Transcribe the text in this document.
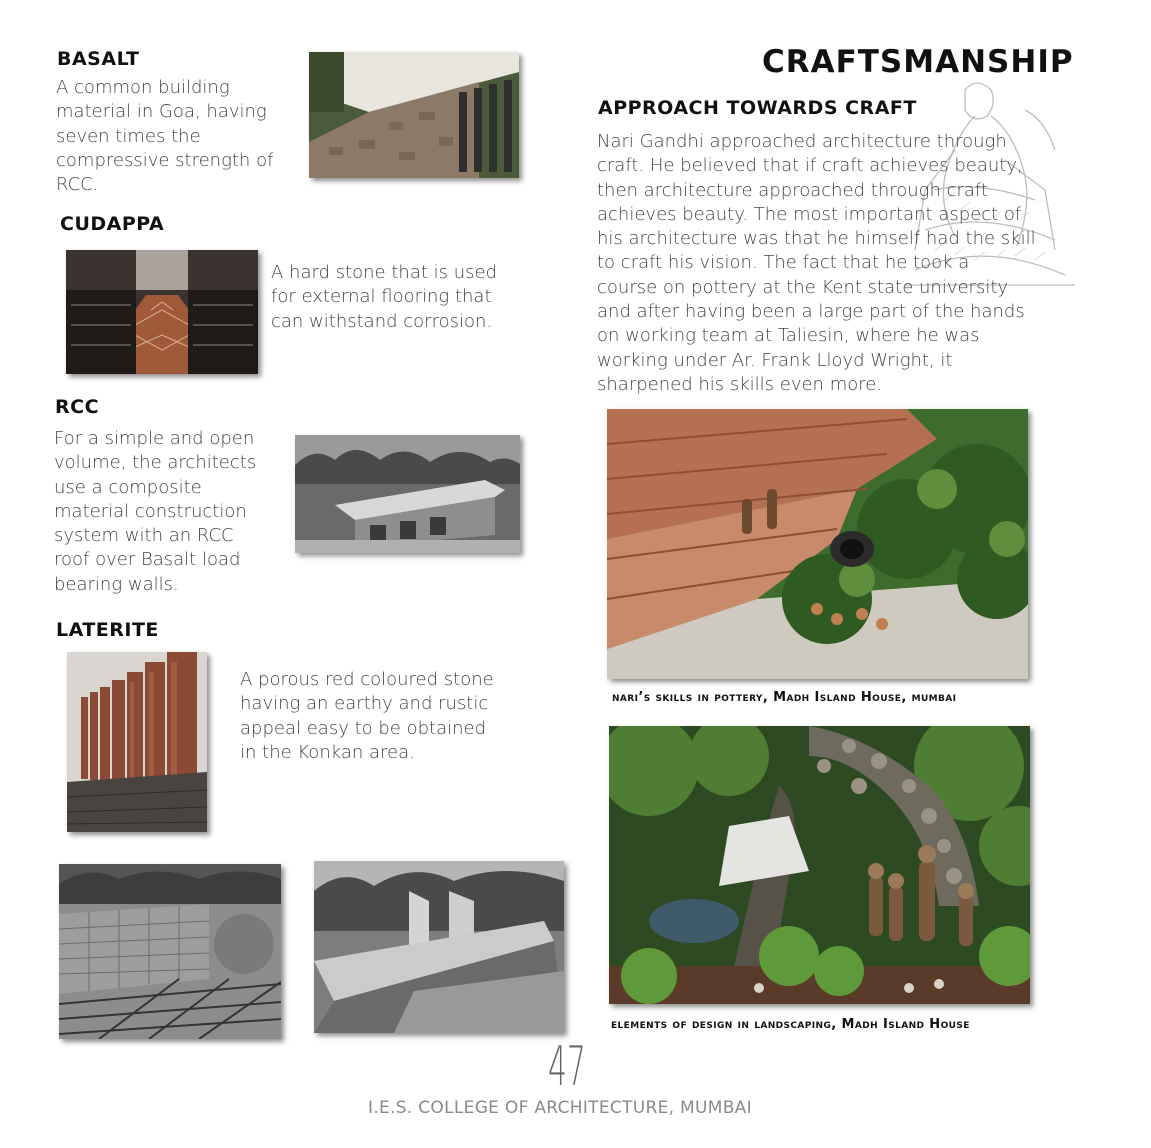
BASALT

A common building

material in Goa, having

seven times the

compressive strength of

RCC.

CUDAPPA

A hard stone that is used

for external flooring that

can withstand corrosion.

RCC

For a simple and open

volume, the architects

use a composite

material construction

system with an RCC

roof over Basalt load

bearing walls.

LATERITE

A porous red coloured stone

having an earthy and rustic

appeal easy to be obtained

in the Konkan area.

CRAFTSMANSHIP
APPROACH TOWARDS CRAFT

Nari Gandhi approached architecture through

craft. He believed that if craft achieves beauty,

then architecture approached through craft

achieves beauty. The most important aspect of

his architecture was that he himself had the skill

to craft his vision. The fact that he took a

course on pottery at the Kent state university

and after having been a large part of the hands

on working team at Taliesin, where he was

working under Ar. Frank Lloyd Wright, it

sharpened his skills even more.

nari’s skills in pottery, Madh Island House, mumbai

elements of design in landscaping, Madh Island House

47

I.E.S. COLLEGE OF ARCHITECTURE, MUMBAI
